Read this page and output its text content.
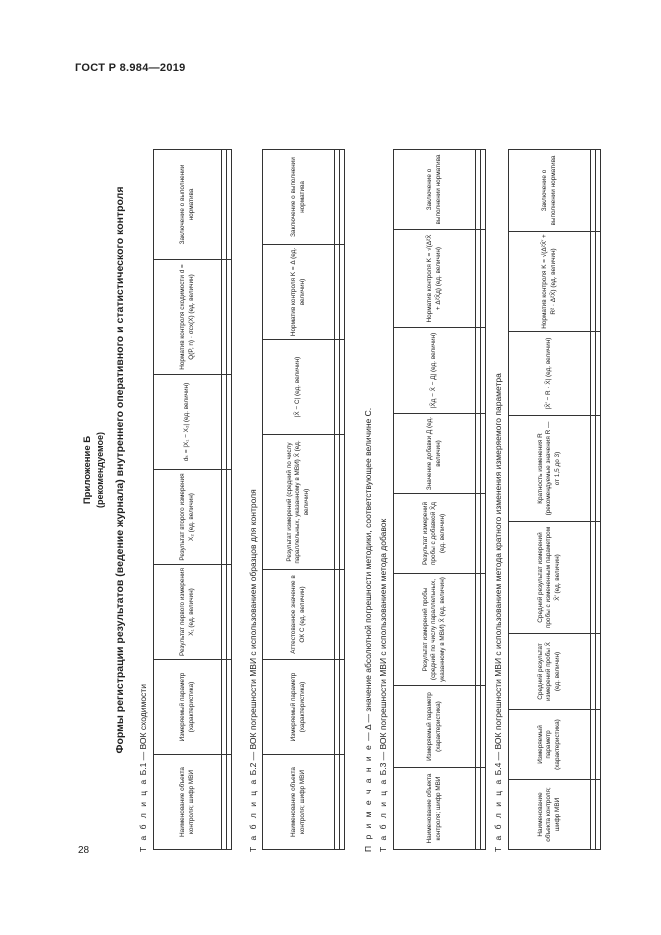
ГОСТ Р 8.984—2019
Приложение Б (рекомендуемое) Формы регистрации результатов (ведение журнала) внутреннего оперативного и статистического контроля
Т а б л и ц а Б.1 — ВОК сходимости
Наименование объекта контроля; шифр МВИ	Измеряемый параметр (характеристика)	Результат первого измерения X₁ (ед. величин)	Результат второго измерения X₂ (ед. величин)	dₖ = |X₁ − X₂| (ед. величин)	Норматив контроля сходимости d = Q(P, n) · σсх(X) (ед. величин)	Заключение о выполнении норматива

Т а б л и ц а Б.2 — ВОК погрешности МВИ с использованием образцов для контроля
Наименование объекта контроля; шифр МВИ	Измеряемый параметр (характеристика)	Аттестованное значение в ОК C (ед. величин)	Результат измерений (средний по числу параллельных, указанному в МВИ) X̄ (ед. величин)	|X̄ − C| (ед. величин)	Норматив контроля K = Δ (ед. величин)	Заключение о выполнении норматива

П р и м е ч а н и е — Δ — значение абсолютной погрешности методики, соответствующее величине C.
Т а б л и ц а Б.3 — ВОК погрешности МВИ с использованием метода добавок
Наименование объекта контроля; шифр МВИ	Измеряемый параметр (характеристика)	Результат измерений пробы (средний по числу параллельных, указанному в МВИ) X̄ (ед. величин)	Результат измерений пробы с добавкой X̄д (ед. величин)	Значение добавки Д (ед. величин)	|X̄д − X̄ − Д| (ед. величин)	Норматив контроля K = √(Δ²X̄ + Δ²X̄д) (ед. величин)	Заключение о выполнении норматива

Т а б л и ц а Б.4 — ВОК погрешности МВИ с использованием метода кратного изменения измеряемого параметра
Наименование объекта контроля; шифр МВИ	Измеряемый параметр (характеристика)	Средний результат измерений пробы X̄ (ед. величин)	Средний результат измерений пробы с измененным параметром X̄′ (ед. величин)	Кратность изменения R (рекомендуемые значения R — от 1,5 до 3)	|X̄′ − R · X̄| (ед. величин)	Норматив контроля K = √(Δ²X̄′ + R² · Δ²X̄) (ед. величин)	Заключение о выполнении норматива

28
